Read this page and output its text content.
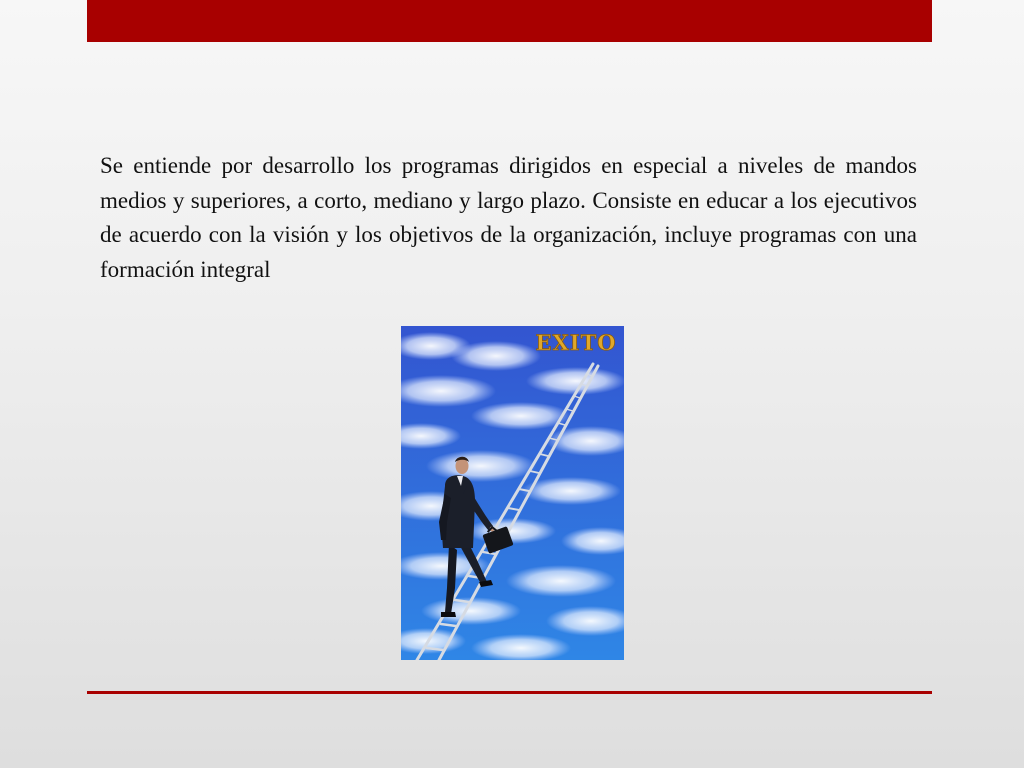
Se entiende por desarrollo los programas dirigidos en especial a niveles de mandos medios y superiores, a corto, mediano y largo plazo. Consiste en educar a los ejecutivos de acuerdo con la visión y los objetivos de la organización, incluye programas con una formación integral

EXITO
